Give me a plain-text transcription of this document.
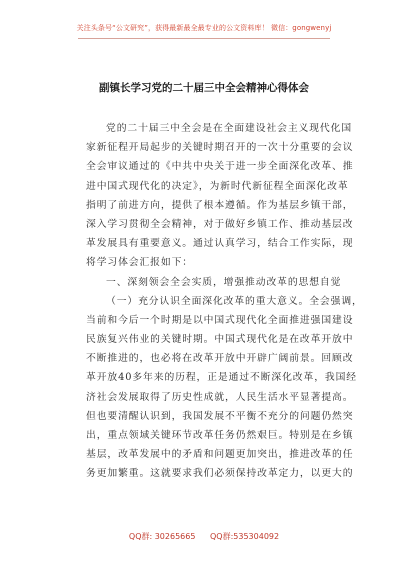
关注头条号“公文研究”，获得最新最全最专业的公文资料库！ 微信：gongwenyj
副镇长学习党的二十届三中全会精神心得体会
党的二十届三中全会是在全面建设社会主义现代化国
家新征程开局起步的关键时期召开的一次十分重要的会议
全会审议通过的《中共中央关于进一步全面深化改革、推
进中国式现代化的决定》，为新时代新征程全面深化改革
指明了前进方向，提供了根本遵循。作为基层乡镇干部，
深入学习贯彻全会精神，对于做好乡镇工作、推动基层改
革发展具有重要意义。通过认真学习，结合工作实际，现
将学习体会汇报如下：
一、深刻领会全会实质，增强推动改革的思想自觉
（一）充分认识全面深化改革的重大意义。全会强调，
当前和今后一个时期是以中国式现代化全面推进强国建设
民族复兴伟业的关键时期。中国式现代化是在改革开放中
不断推进的，也必将在改革开放中开辟广阔前景。回顾改
革开放40多年来的历程，正是通过不断深化改革，我国经
济社会发展取得了历史性成就，人民生活水平显著提高。
但也要清醒认识到，我国发展不平衡不充分的问题仍然突
出，重点领域关键环节改革任务仍然艰巨。特别是在乡镇
基层，改革发展中的矛盾和问题更加突出，推进改革的任
务更加繁重。这就要求我们必须保持改革定力，以更大的
QQ群: 30265665 QQ群:535304092
